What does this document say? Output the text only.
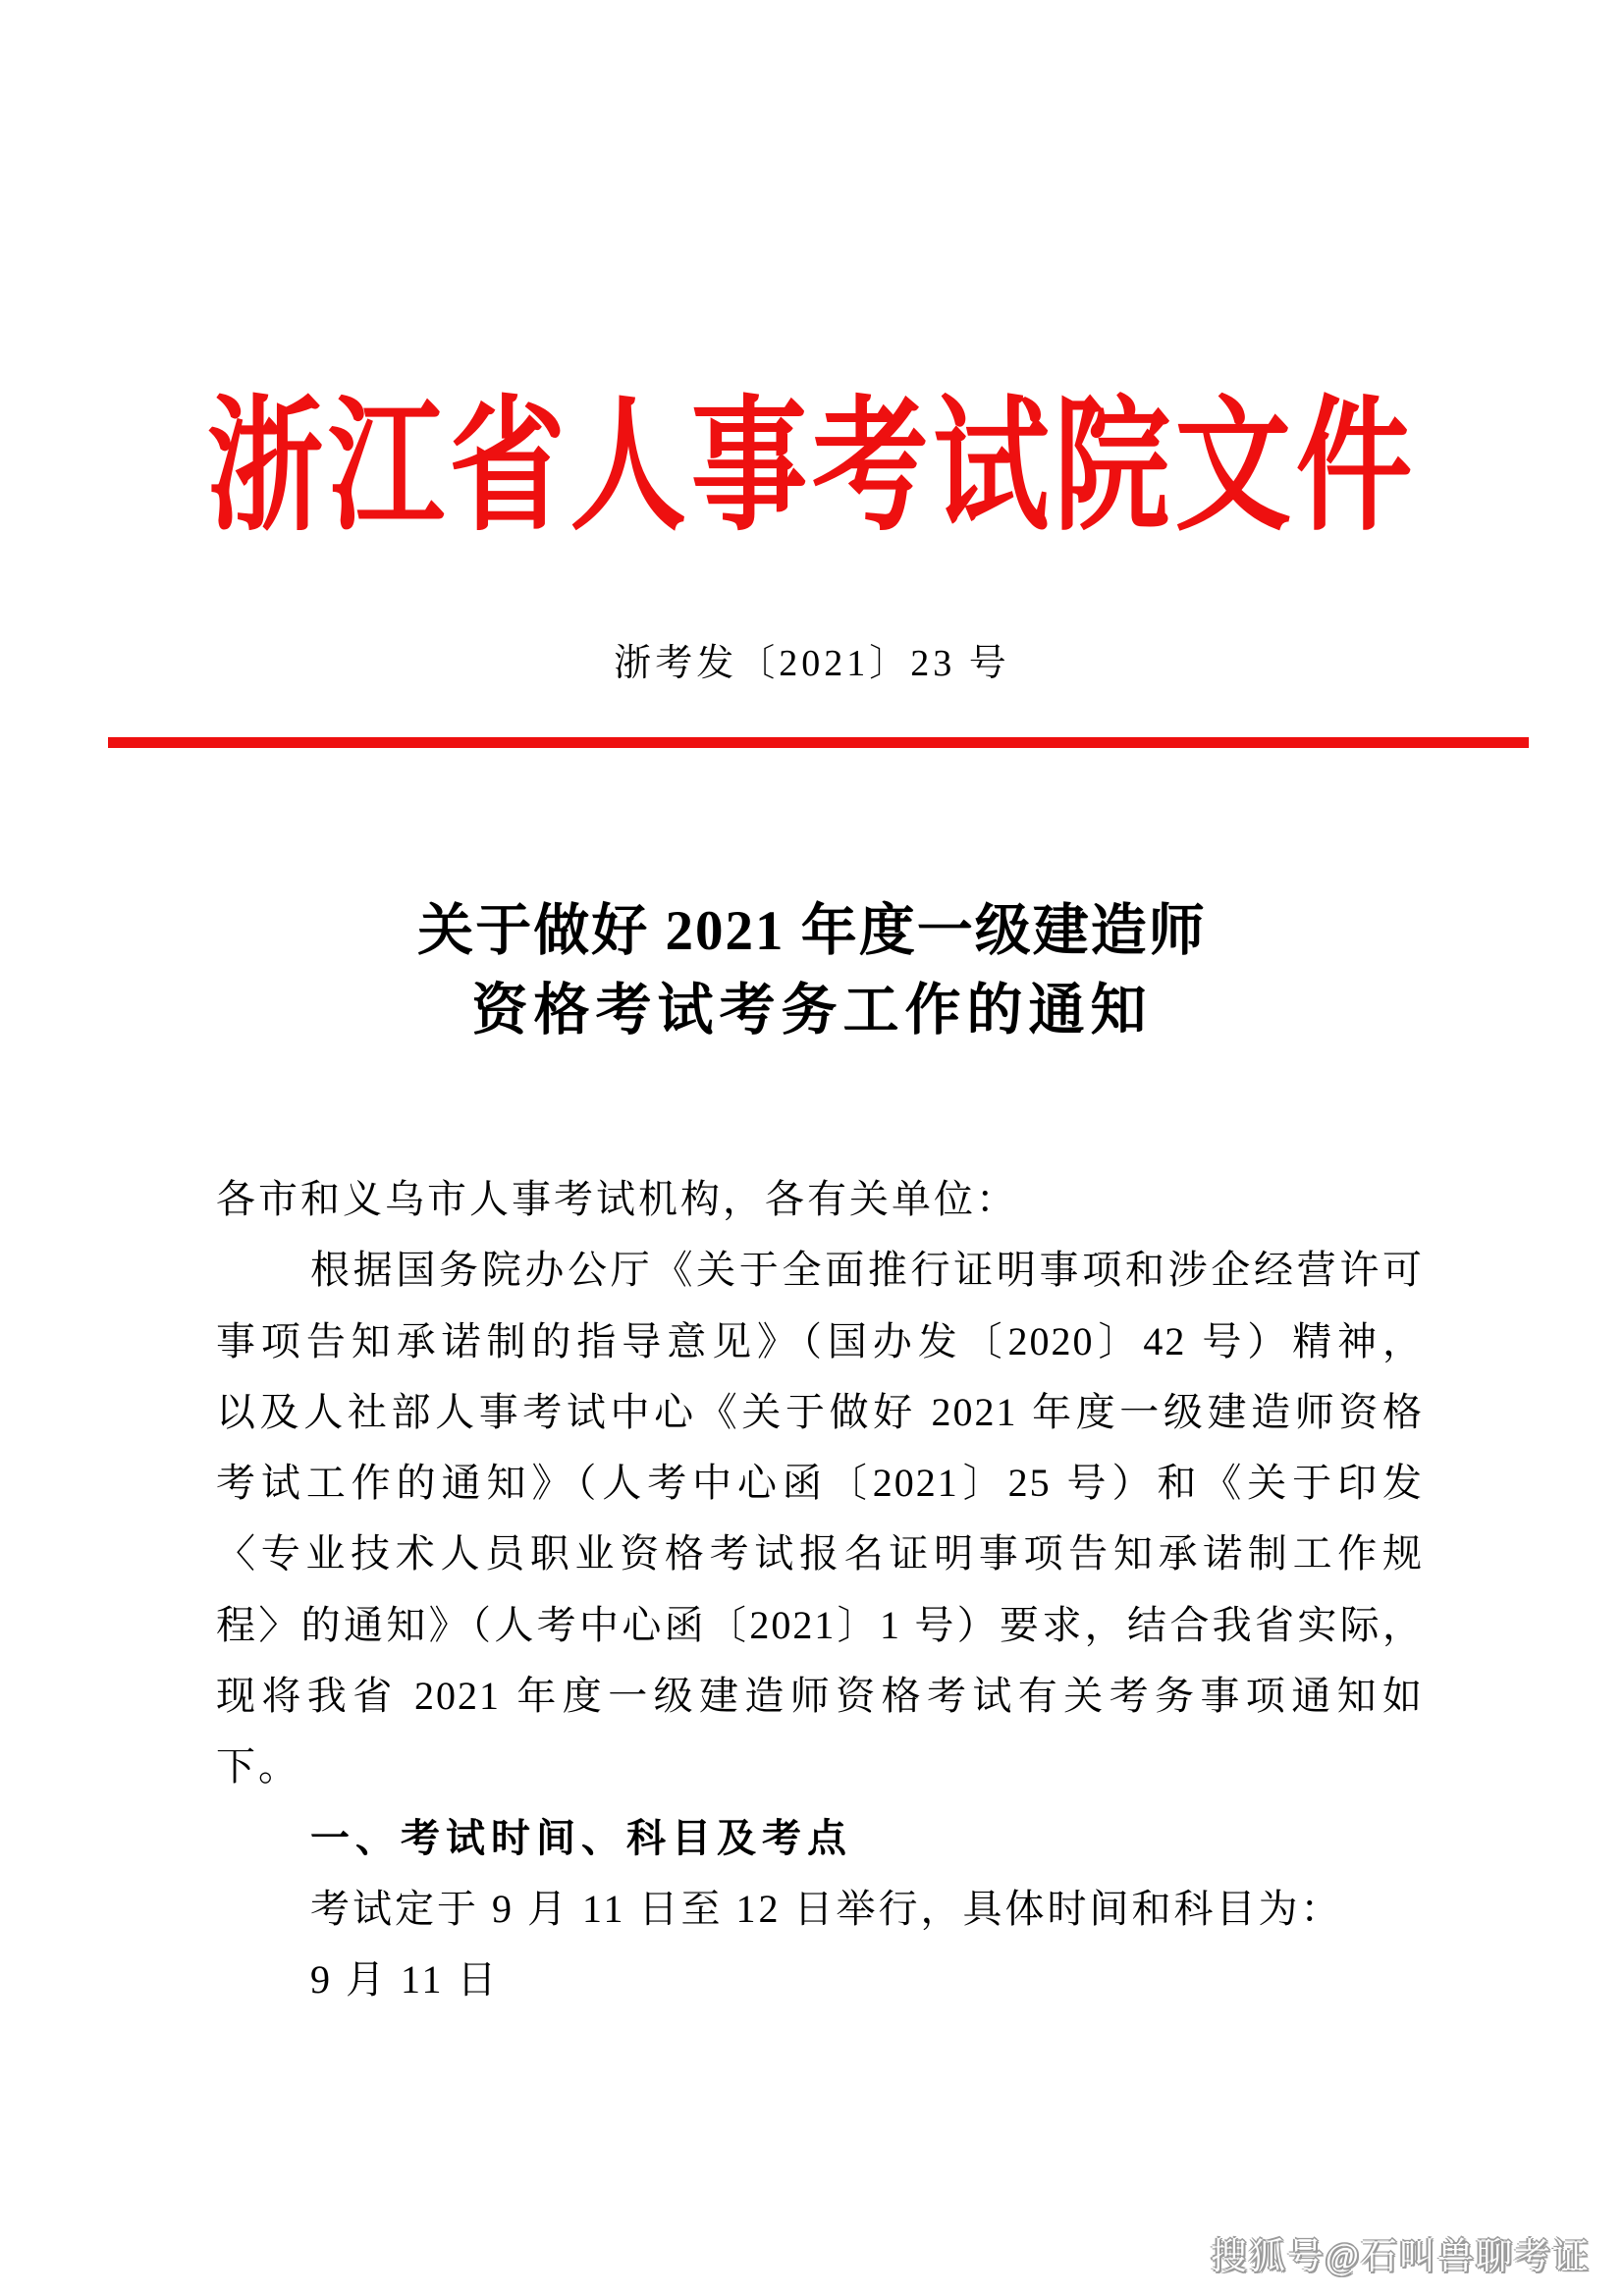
浙江省人事考试院文件
浙考发〔2021〕23 号
关于做好 2021 年度一级建造师
资格考试考务工作的通知
各市和义乌市人事考试机构，各有关单位：
根据国务院办公厅《关于全面推行证明事项和涉企经营许可
事项告知承诺制的指导意见》（国办发〔2020〕42 号）精神，
以及人社部人事考试中心《关于做好 2021 年度一级建造师资格
考试工作的通知》（人考中心函〔2021〕25 号）和《关于印发
〈专业技术人员职业资格考试报名证明事项告知承诺制工作规
程〉的通知》（人考中心函〔2021〕1 号）要求，结合我省实际，
现将我省 2021 年度一级建造师资格考试有关考务事项通知如
下。
一、考试时间、科目及考点
考试定于 9 月 11 日至 12 日举行，具体时间和科目为：
9 月 11 日
搜狐号@石叫兽聊考证
